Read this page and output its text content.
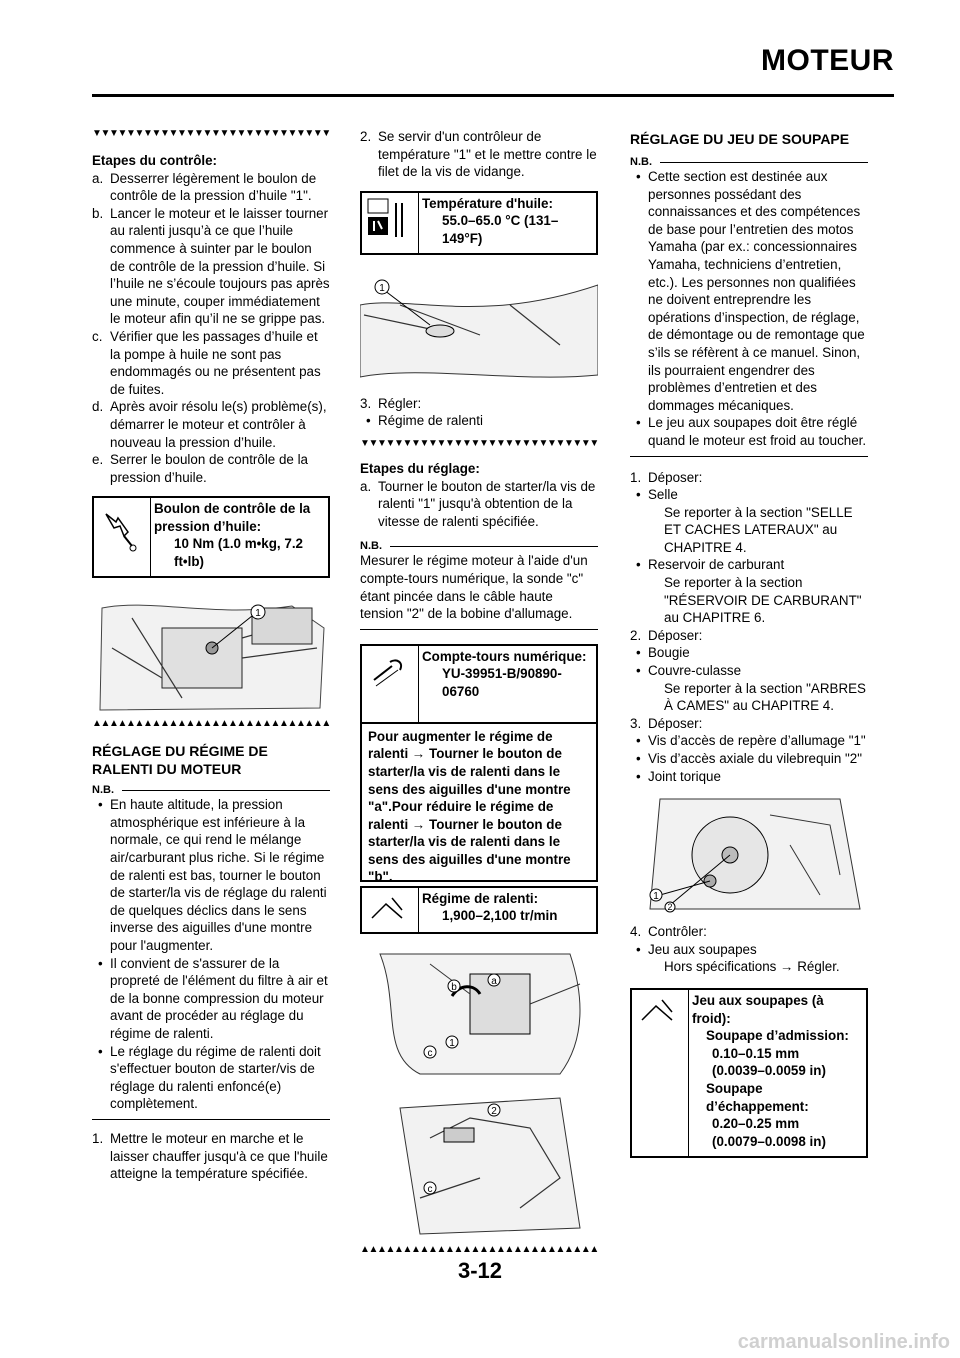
MOTEUR
▼▼▼▼▼▼▼▼▼▼▼▼▼▼▼▼▼▼▼▼▼▼▼▼▼▼▼▼
Etapes du contrôle:
a. Desserrer légèrement le boulon de contrôle de la pression d’huile "1".
b. Lancer le moteur et le laisser tourner au ralenti jusqu’à ce que l’huile commence à suinter par le boulon de contrôle de la pression d’huile. Si l’huile ne s’écoule toujours pas après une minute, couper immédiatement le moteur afin qu’il ne se grippe pas.
c. Vérifier que les passages d’huile et la pompe à huile ne sont pas endommagés ou ne présentent pas de fuites.
d. Après avoir résolu le(s) problème(s), démarrer le moteur et contrôler à nouveau la pression d’huile.
e. Serrer le boulon de contrôle de la pression d’huile.
Boulon de contrôle de la pression d’huile:
10 Nm (1.0 m•kg, 7.2 ft•lb)
1
▲▲▲▲▲▲▲▲▲▲▲▲▲▲▲▲▲▲▲▲▲▲▲▲▲▲▲▲
RÉGLAGE DU RÉGIME DE RALENTI DU MOTEUR
N.B.
• En haute altitude, la pression atmosphérique est inférieure à la normale, ce qui rend le mélange air/carburant plus riche. Si le régime de ralenti est bas, tourner le bouton de starter/la vis de réglage du ralenti de quelques déclics dans le sens inverse des aiguilles d'une montre pour l'augmenter.
• Il convient de s'assurer de la propreté de l'élément du filtre à air et de la bonne compression du moteur avant de procéder au réglage du régime de ralenti.
• Le réglage du régime de ralenti doit s'effectuer bouton de starter/vis de réglage du ralenti enfoncé(e) complètement.
1. Mettre le moteur en marche et le laisser chauffer jusqu'à ce que l'huile atteigne la température spécifiée.
2. Se servir d'un contrôleur de température "1" et le mettre contre le filet de la vis de vidange.
Température d'huile:
55.0–65.0 °C (131–149°F)
1
3. Régler:
• Régime de ralenti
▼▼▼▼▼▼▼▼▼▼▼▼▼▼▼▼▼▼▼▼▼▼▼▼▼▼▼▼
Etapes du réglage:
a. Tourner le bouton de starter/la vis de ralenti "1" jusqu'à obtention de la vitesse de ralenti spécifiée.
N.B.
Mesurer le régime moteur à l'aide d'un compte-tours numérique, la sonde "c" étant pincée dans le câble haute tension "2" de la bobine d'allumage.
Compte-tours numérique:
YU-39951-B/90890-
06760
Pour augmenter le régime de ralenti → Tourner le bouton de starter/la vis de ralenti dans le sens des aiguilles d'une montre "a".Pour réduire le régime de ralenti → Tourner le bouton de starter/la vis de ralenti dans le sens des aiguilles d'une montre "b".
Régime de ralenti:
1,900–2,100 tr/min
b
a
1
c
2
c
▲▲▲▲▲▲▲▲▲▲▲▲▲▲▲▲▲▲▲▲▲▲▲▲▲▲▲▲
RÉGLAGE DU JEU DE SOUPAPE
N.B.
• Cette section est destinée aux personnes possédant des connaissances et des compétences de base pour l’entretien des motos Yamaha (par ex.: concessionnaires Yamaha, techniciens d’entretien, etc.). Les personnes non qualifiées ne doivent entreprendre les opérations d’inspection, de réglage, de démontage ou de remontage que s’ils se réfèrent à ce manuel. Sinon, ils pourraient engendrer des problèmes d’entretien et des dommages mécaniques.
• Le jeu aux soupapes doit être réglé quand le moteur est froid au toucher.
1. Déposer:
• Selle
Se reporter à la section "SELLE ET CACHES LATERAUX" au CHAPITRE 4.
• Reservoir de carburant
Se reporter à la section "RÉSERVOIR DE CARBURANT" au CHAPITRE 6.
2. Déposer:
• Bougie
• Couvre-culasse
Se reporter à la section "ARBRES À CAMES" au CHAPITRE 4.
3. Déposer:
• Vis d’accès de repère d’allumage "1"
• Vis d’accès axiale du vilebrequin "2"
• Joint torique
1
2
4. Contrôler:
• Jeu aux soupapes
Hors spécifications → Régler.
Jeu aux soupapes (à froid):
Soupape d’admission:
0.10–0.15 mm
(0.0039–0.0059 in)
Soupape d’échappement:
0.20–0.25 mm
(0.0079–0.0098 in)
3-12
carmanualsonline.info
